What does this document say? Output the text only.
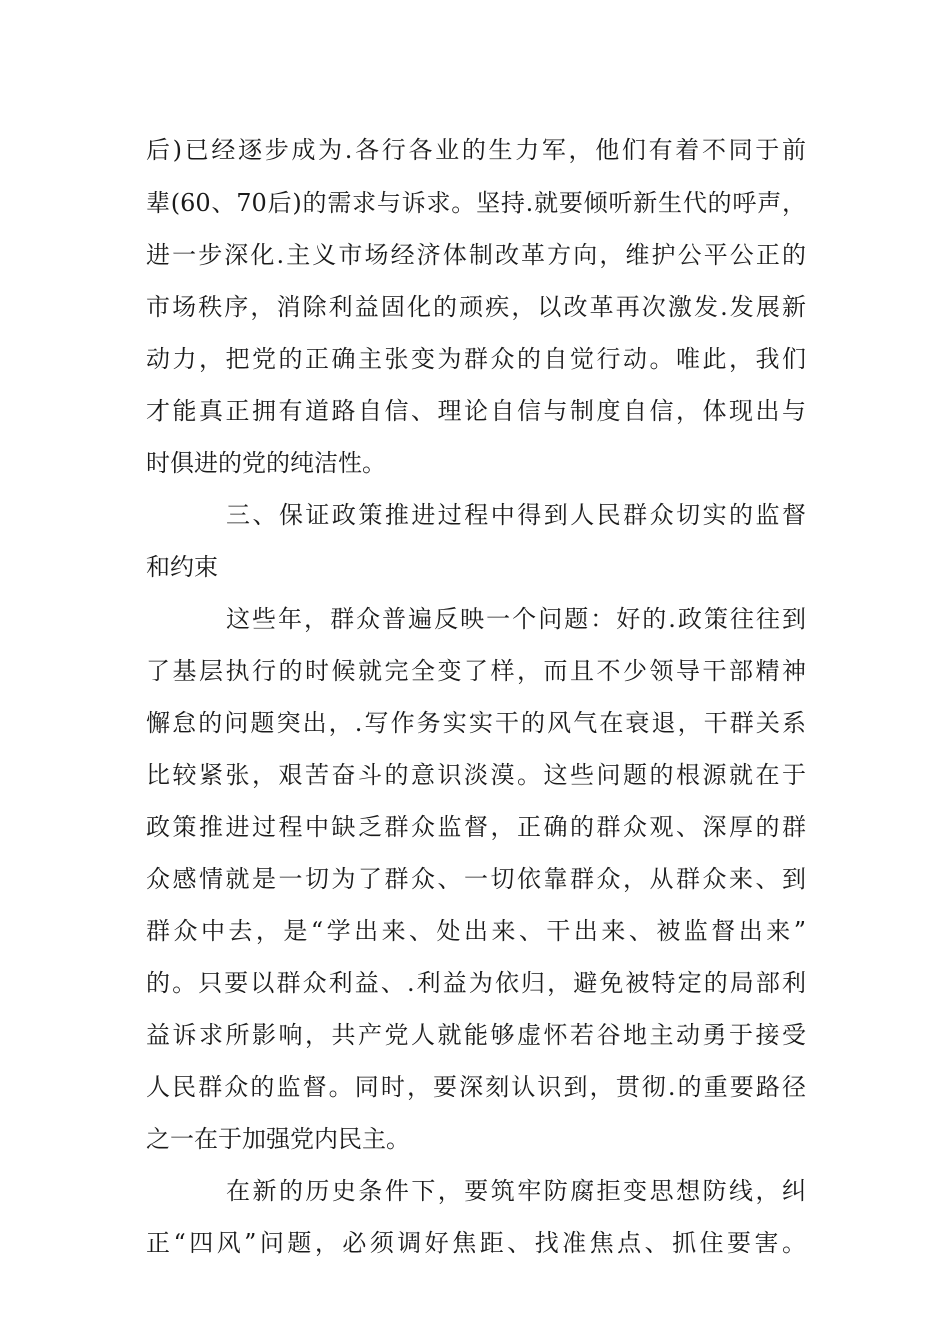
后)已经逐步成为.各行各业的生力军，他们有着不同于前
辈(60、70后)的需求与诉求。坚持.就要倾听新生代的呼声，
进一步深化.主义市场经济体制改革方向，维护公平公正的
市场秩序，消除利益固化的顽疾，以改革再次激发.发展新
动力，把党的正确主张变为群众的自觉行动。唯此，我们
才能真正拥有道路自信、理论自信与制度自信，体现出与
时俱进的党的纯洁性。
三、保证政策推进过程中得到人民群众切实的监督
和约束
这些年，群众普遍反映一个问题：好的.政策往往到
了基层执行的时候就完全变了样，而且不少领导干部精神
懈怠的问题突出，.写作务实实干的风气在衰退，干群关系
比较紧张，艰苦奋斗的意识淡漠。这些问题的根源就在于
政策推进过程中缺乏群众监督，正确的群众观、深厚的群
众感情就是一切为了群众、一切依靠群众，从群众来、到
群众中去，是“学出来、处出来、干出来、被监督出来”
的。只要以群众利益、.利益为依归，避免被特定的局部利
益诉求所影响，共产党人就能够虚怀若谷地主动勇于接受
人民群众的监督。同时，要深刻认识到，贯彻.的重要路径
之一在于加强党内民主。
在新的历史条件下，要筑牢防腐拒变思想防线，纠
正“四风”问题，必须调好焦距、找准焦点、抓住要害。
